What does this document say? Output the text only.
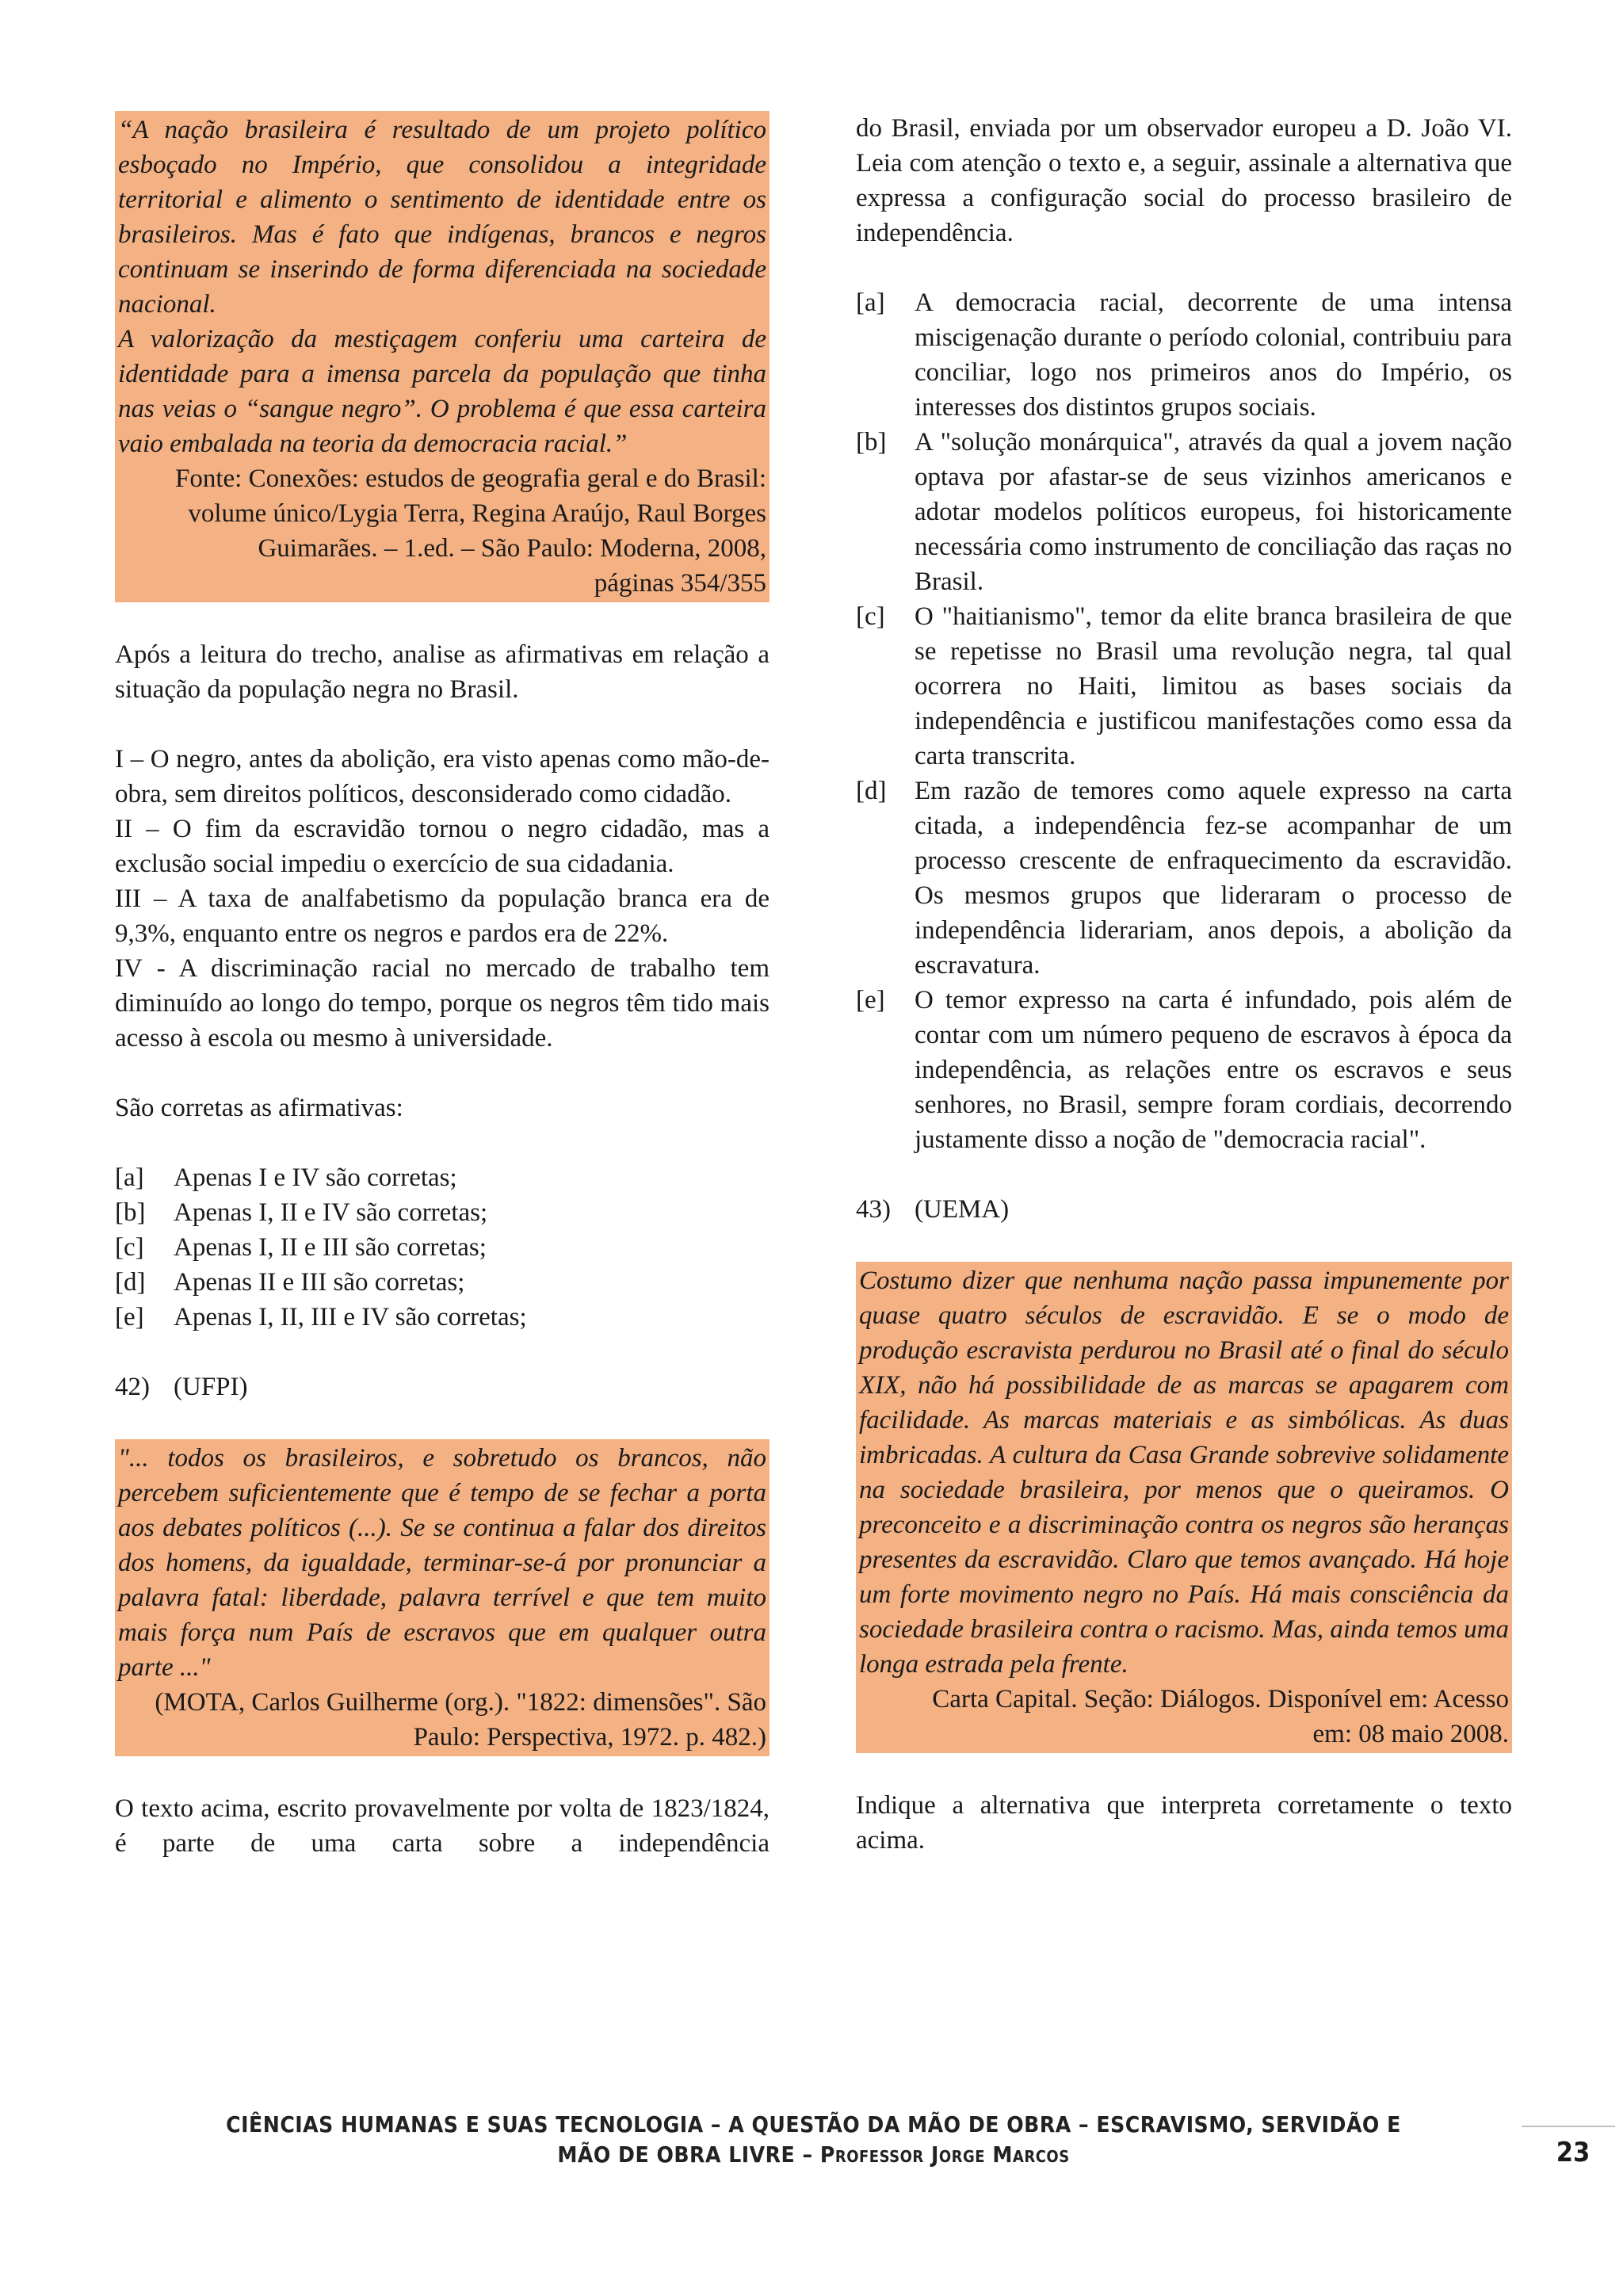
“A nação brasileira é resultado de um projeto político esboçado no Império, que consolidou a integridade territorial e alimento o sentimento de identidade entre os brasileiros. Mas é fato que indígenas, brancos e negros continuam se inserindo de forma diferenciada na sociedade nacional.

A valorização da mestiçagem conferiu uma carteira de identidade para a imensa parcela da população que tinha nas veias o “sangue negro”. O problema é que essa carteira vaio embalada na teoria da democracia racial.”

Fonte: Conexões: estudos de geografia geral e do Brasil: volume único/Lygia Terra, Regina Araújo, Raul Borges Guimarães. – 1.ed. – São Paulo: Moderna, 2008, páginas 354/355

Após a leitura do trecho, analise as afirmativas em relação a situação da população negra no Brasil.

I – O negro, antes da abolição, era visto apenas como mão-de-obra, sem direitos políticos, desconsiderado como cidadão.

II – O fim da escravidão tornou o negro cidadão, mas a exclusão social impediu o exercício de sua cidadania.

III – A taxa de analfabetismo da população branca era de 9,3%, enquanto entre os negros e pardos era de 22%.

IV - A discriminação racial no mercado de trabalho tem diminuído ao longo do tempo, porque os negros têm tido mais acesso à escola ou mesmo à universidade.

São corretas as afirmativas:

[a]	Apenas I e IV são corretas;
[b]	Apenas I, II e IV são corretas;
[c]	Apenas I, II e III são corretas;
[d]	Apenas II e III são corretas;
[e]	Apenas I, II, III e IV são corretas;
42) (UFPI)

"... todos os brasileiros, e sobretudo os brancos, não percebem suficientemente que é tempo de se fechar a porta aos debates políticos (...). Se se continua a falar dos direitos dos homens, da igualdade, terminar-se-á por pronunciar a palavra fatal: liberdade, palavra terrível e que tem muito mais força num País de escravos que em qualquer outra parte ..."

(MOTA, Carlos Guilherme (org.). "1822: dimensões". São Paulo: Perspectiva, 1972. p. 482.)

O texto acima, escrito provavelmente por volta de 1823/1824, é parte de uma carta sobre a independência

do Brasil, enviada por um observador europeu a D. João VI. Leia com atenção o texto e, a seguir, assinale a alternativa que expressa a configuração social do processo brasileiro de independência.

[a]	A democracia racial, decorrente de uma intensa miscigenação durante o período colonial, contribuiu para conciliar, logo nos primeiros anos do Império, os interesses dos distintos grupos sociais.
[b]	A "solução monárquica", através da qual a jovem nação optava por afastar-se de seus vizinhos americanos e adotar modelos políticos europeus, foi historicamente necessária como instrumento de conciliação das raças no Brasil.
[c]	O "haitianismo", temor da elite branca brasileira de que se repetisse no Brasil uma revolução negra, tal qual ocorrera no Haiti, limitou as bases sociais da independência e justificou manifestações como essa da carta transcrita.
[d]	Em razão de temores como aquele expresso na carta citada, a independência fez-se acompanhar de um processo crescente de enfraquecimento da escravidão. Os mesmos grupos que lideraram o processo de independência liderariam, anos depois, a abolição da escravatura.
[e]	O temor expresso na carta é infundado, pois além de contar com um número pequeno de escravos à época da independência, as relações entre os escravos e seus senhores, no Brasil, sempre foram cordiais, decorrendo justamente disso a noção de "democracia racial".
43) (UEMA)

Costumo dizer que nenhuma nação passa impunemente por quase quatro séculos de escravidão. E se o modo de produção escravista perdurou no Brasil até o final do século XIX, não há possibilidade de as marcas se apagarem com facilidade. As marcas materiais e as simbólicas. As duas imbricadas. A cultura da Casa Grande sobrevive solidamente na sociedade brasileira, por menos que o queiramos. O preconceito e a discriminação contra os negros são heranças presentes da escravidão. Claro que temos avançado. Há hoje um forte movimento negro no País. Há mais consciência da sociedade brasileira contra o racismo. Mas, ainda temos uma longa estrada pela frente.

Carta Capital. Seção: Diálogos. Disponível em: Acesso em: 08 maio 2008.

Indique a alternativa que interpreta corretamente o texto acima.

CIÊNCIAS HUMANAS E SUAS TECNOLOGIA – A QUESTÃO DA MÃO DE OBRA – ESCRAVISMO, SERVIDÃO E
MÃO DE OBRA LIVRE – Professor Jorge Marcos	23
